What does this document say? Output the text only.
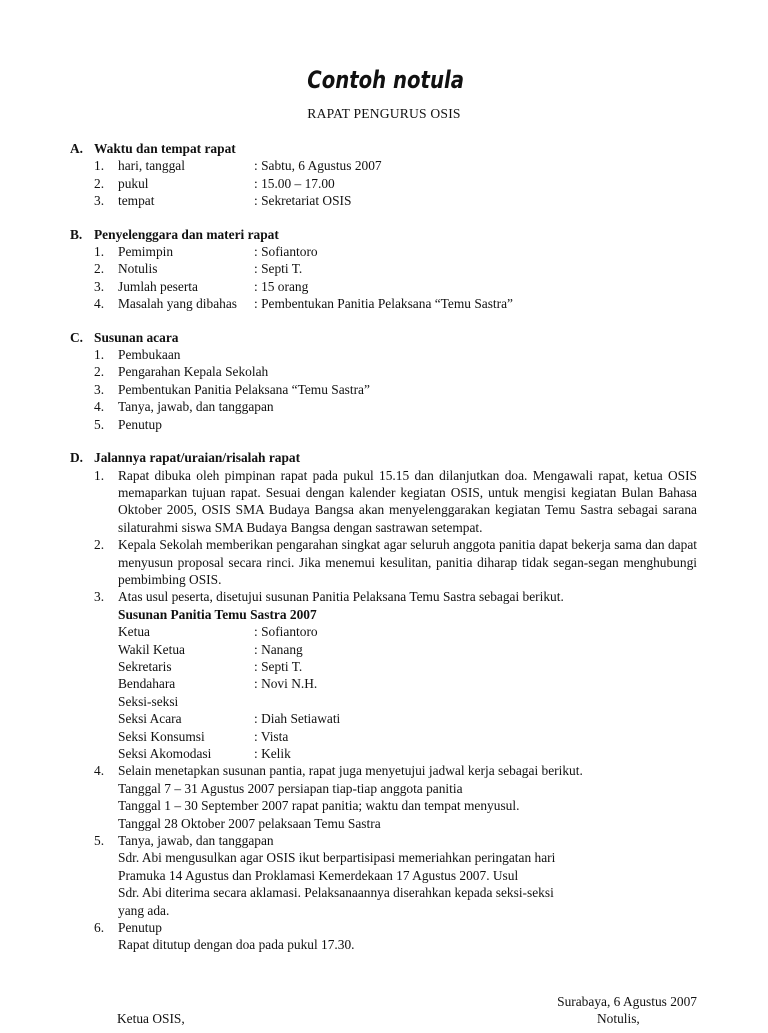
Contoh notula
RAPAT PENGURUS OSIS
A. Waktu dan tempat rapat
1.	hari, tanggal	: Sabtu, 6 Agustus 2007
2.	pukul	: 15.00 – 17.00
3.	tempat	: Sekretariat OSIS
B. Penyelenggara dan materi rapat
1.	Pemimpin	: Sofiantoro
2.	Notulis	: Septi T.
3.	Jumlah peserta	: 15 orang
4.	Masalah yang dibahas	: Pembentukan Panitia Pelaksana “Temu Sastra”
C. Susunan acara
1.	Pembukaan
2.	Pengarahan Kepala Sekolah
3.	Pembentukan Panitia Pelaksana “Temu Sastra”
4.	Tanya, jawab, dan tanggapan
5.	Penutup
D. Jalannya rapat/uraian/risalah rapat
1.	Rapat dibuka oleh pimpinan rapat pada pukul 15.15 dan dilanjutkan doa. Mengawali rapat, ketua OSIS memaparkan tujuan rapat. Sesuai dengan kalender kegiatan OSIS, untuk mengisi kegiatan Bulan Bahasa Oktober 2005, OSIS SMA Budaya Bangsa akan menyelenggarakan kegiatan Temu Sastra sebagai sarana silaturahmi siswa SMA Budaya Bangsa dengan sastrawan setempat.
2.	Kepala Sekolah memberikan pengarahan singkat agar seluruh anggota panitia dapat bekerja sama dan dapat menyusun proposal secara rinci. Jika menemui kesulitan, panitia diharap tidak segan-segan menghubungi pembimbing OSIS.
3.	Atas usul peserta, disetujui susunan Panitia Pelaksana Temu Sastra sebagai berikut.
Susunan Panitia Temu Sastra 2007
Ketua	: Sofiantoro
Wakil Ketua	: Nanang
Sekretaris	: Septi T.
Bendahara	: Novi N.H.
Seksi-seksi
Seksi Acara	: Diah Setiawati
Seksi Konsumsi	: Vista
Seksi Akomodasi	: Kelik
4.	Selain menetapkan susunan pantia, rapat juga menyetujui jadwal kerja sebagai berikut.
Tanggal 7 – 31 Agustus 2007 persiapan tiap-tiap anggota panitia
Tanggal 1 – 30 September 2007 rapat panitia; waktu dan tempat menyusul.
Tanggal 28 Oktober 2007 pelaksaan Temu Sastra
5.	Tanya, jawab, dan tanggapan
Sdr. Abi mengusulkan agar OSIS ikut berpartisipasi memeriahkan peringatan hari
Pramuka 14 Agustus dan Proklamasi Kemerdekaan 17 Agustus 2007. Usul
Sdr. Abi diterima secara aklamasi. Pelaksanaannya diserahkan kepada seksi-seksi
yang ada.
6.	Penutup
Rapat ditutup dengan doa pada pukul 17.30.
Surabaya, 6 Agustus 2007
Ketua OSIS,	Notulis,
